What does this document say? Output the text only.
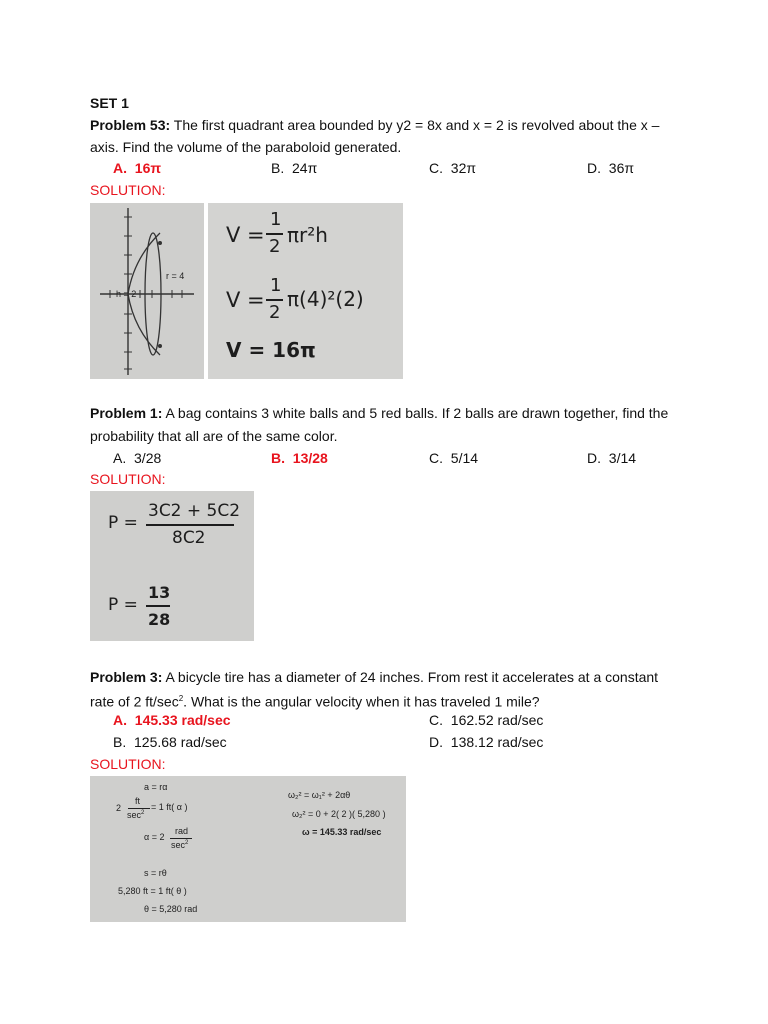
SET 1
Problem 53: The first quadrant area bounded by y2 = 8x and x = 2 is revolved about the x –
axis. Find the volume of the paraboloid generated.
A. 16π	B. 24π	C. 32π	D. 36π
SOLUTION:
h = 2
r = 4
V =
1
2 πr²h
V =
1
2
π(4)²(2)
V = 16π
Problem 1: A bag contains 3 white balls and 5 red balls. If 2 balls are drawn together, find the
probability that all are of the same color.
A. 3/28	B. 13/28	C. 5/14	D. 3/14
SOLUTION:
P =
3C2 + 5C2
8C2
P =
13
28
Problem 3: A bicycle tire has a diameter of 24 inches. From rest it accelerates at a constant
rate of 2 $ft/\sec^2$. What is the angular velocity when it has traveled 1 mile?
A. 145.33 rad/sec	C. 162.52 rad/sec
B. 125.68 rad/sec	D. 138.12 rad/sec
SOLUTION:
a = rα
2
ft
$\sec^2$
= 1 ft( α )
α = 2
rad
$\sec^2$
s = rθ
5,280 ft = 1 ft( θ )
θ = 5,280 rad
ω₂² = ω₁² + 2αθ
ω₂² = 0 + 2( 2 )( 5,280 )
ω = 145.33 rad/sec
